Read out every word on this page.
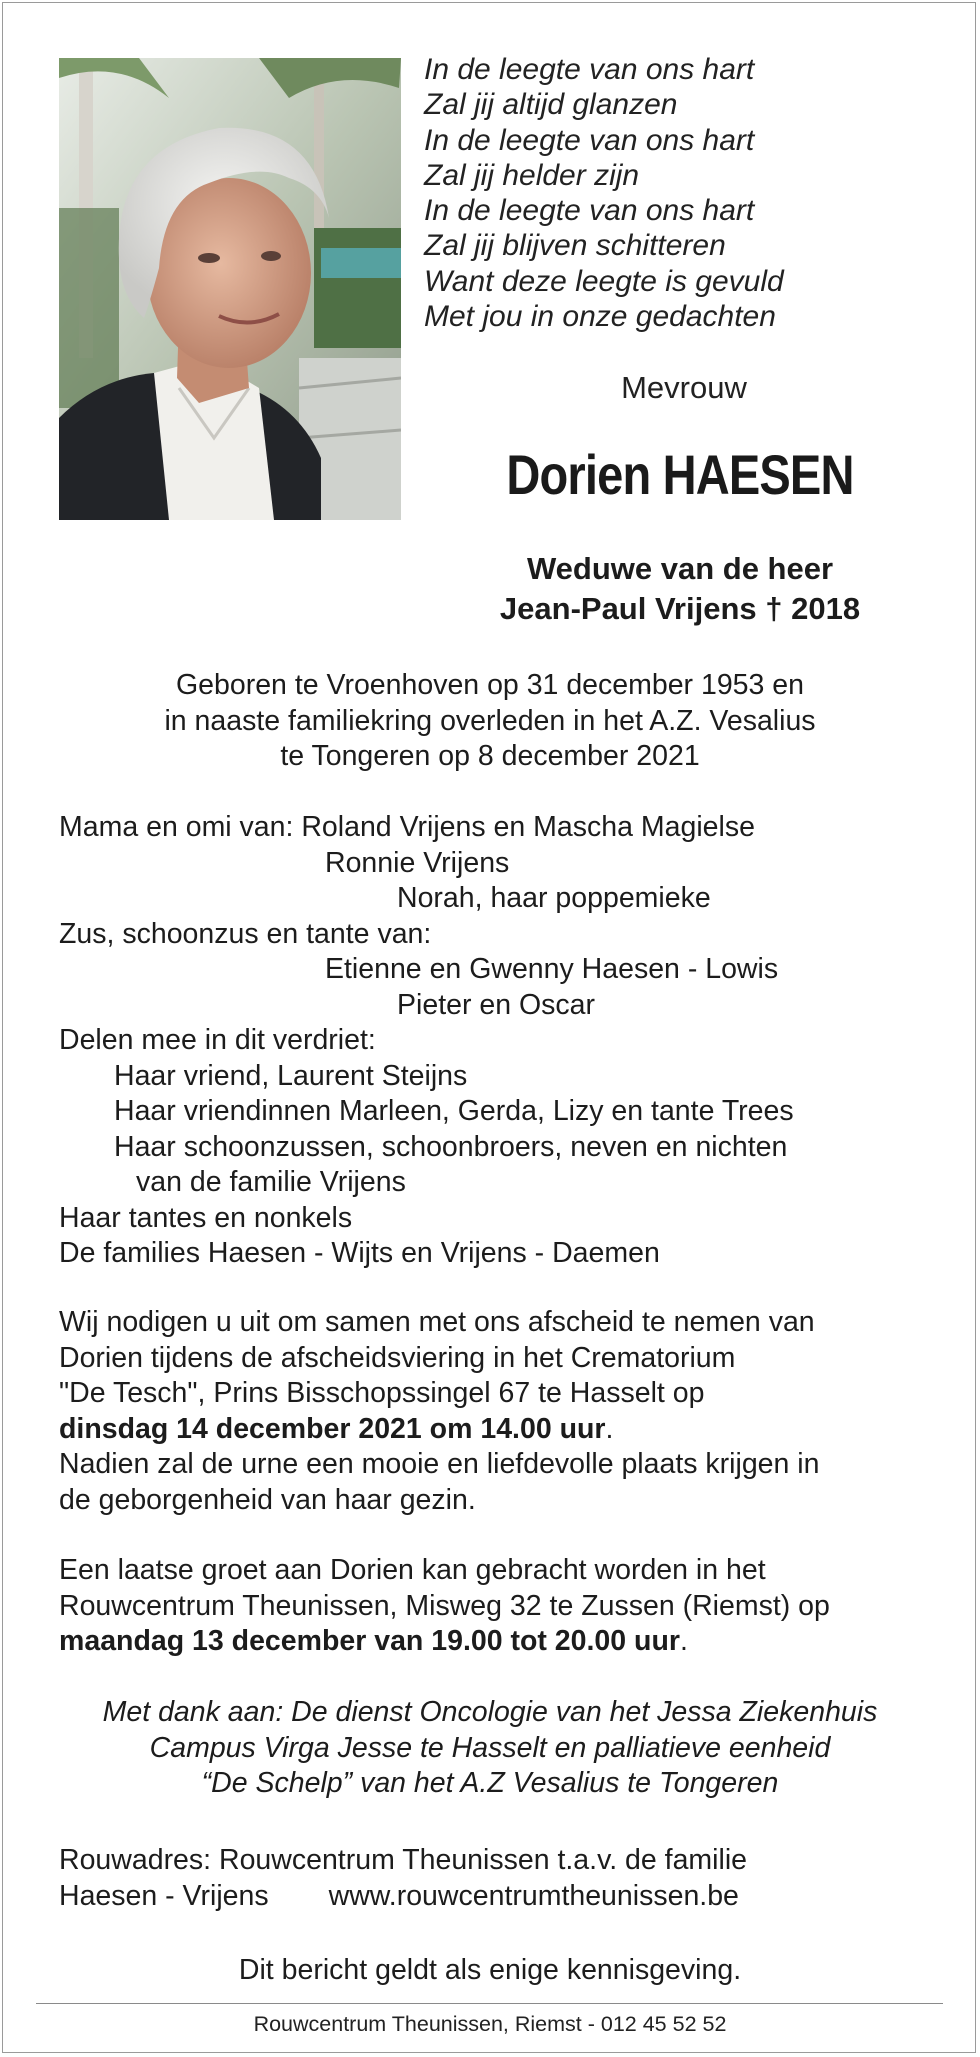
In de leegte van ons hart
Zal jij altijd glanzen
In de leegte van ons hart
Zal jij helder zijn
In de leegte van ons hart
Zal jij blijven schitteren
Want deze leegte is gevuld
Met jou in onze gedachten
Mevrouw
Dorien HAESEN
Weduwe van de heer
Jean-Paul Vrijens † 2018
Geboren te Vroenhoven op 31 december 1953 en
in naaste familiekring overleden in het A.Z. Vesalius
te Tongeren op 8 december 2021
Mama en omi van: Roland Vrijens en Mascha Magielse
Ronnie Vrijens
Norah, haar poppemieke
Zus, schoonzus en tante van:
Etienne en Gwenny Haesen - Lowis
Pieter en Oscar
Delen mee in dit verdriet:
Haar vriend, Laurent Steijns
Haar vriendinnen Marleen, Gerda, Lizy en tante Trees
Haar schoonzussen, schoonbroers, neven en nichten
van de familie Vrijens
Haar tantes en nonkels
De families Haesen - Wijts en Vrijens - Daemen
Wij nodigen u uit om samen met ons afscheid te nemen van
Dorien tijdens de afscheidsviering in het Crematorium
"De Tesch", Prins Bisschopssingel 67 te Hasselt op
dinsdag 14 december 2021 om 14.00 uur.
Nadien zal de urne een mooie en liefdevolle plaats krijgen in
de geborgenheid van haar gezin.
Een laatse groet aan Dorien kan gebracht worden in het
Rouwcentrum Theunissen, Misweg 32 te Zussen (Riemst) op
maandag 13 december van 19.00 tot 20.00 uur.
Met dank aan: De dienst Oncologie van het Jessa Ziekenhuis
Campus Virga Jesse te Hasselt en palliatieve eenheid
“De Schelp” van het A.Z Vesalius te Tongeren
Rouwadres: Rouwcentrum Theunissen t.a.v. de familie
Haesen - Vrijens www.rouwcentrumtheunissen.be
Dit bericht geldt als enige kennisgeving.
Rouwcentrum Theunissen, Riemst - 012 45 52 52
